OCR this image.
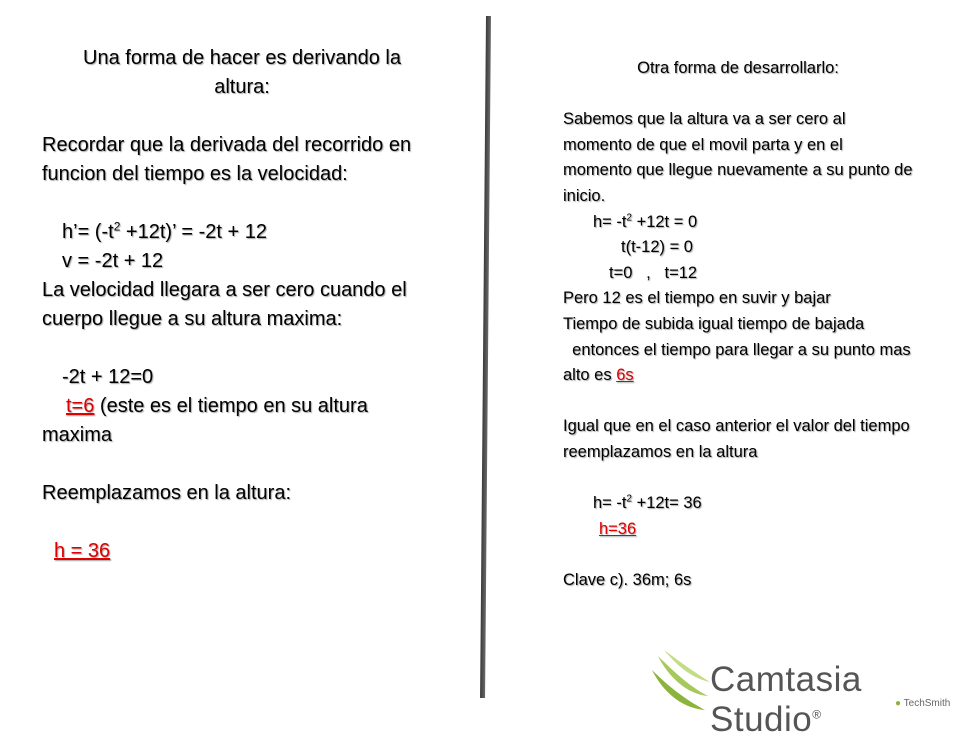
Una forma de hacer es derivando la
altura:
Recordar que la derivada del recorrido en funcion del tiempo es la velocidad:
h’= $(-t^2 +12t)$’ = -2t + 12
v = -2t + 12
La velocidad llegara a ser cero cuando el cuerpo llegue a su altura maxima:
-2t + 12=0
t=6 (este es el tiempo en su altura
maxima
Reemplazamos en la altura:
h = 36
Otra forma de desarrollarlo:
Sabemos que la altura va a ser cero al momento de que el movil parta y en el momento que llegue nuevamente a su punto de inicio.
$h= -t^2 +12t = 0$
t(t-12) = 0
t=0   ,   t=12
Pero 12 es el tiempo en suvir y bajar
Tiempo de subida igual tiempo de bajada
entonces el tiempo para llegar a su punto mas alto es 6s
Igual que en el caso anterior el valor del tiempo reemplazamos en la altura
$h= -t^2 +12t= 36$
h=36
Clave c). 36m; 6s
Camtasia Studio®
● TechSmith
